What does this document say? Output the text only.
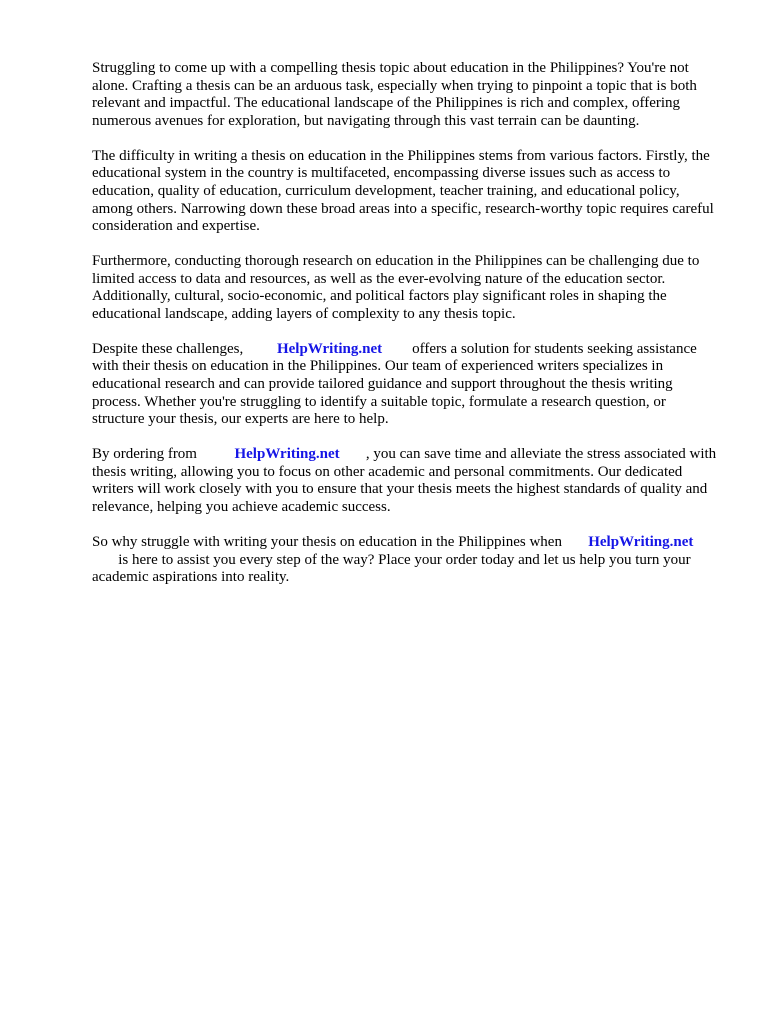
Struggling to come up with a compelling thesis topic about education in the Philippines? You're not alone. Crafting a thesis can be an arduous task, especially when trying to pinpoint a topic that is both relevant and impactful. The educational landscape of the Philippines is rich and complex, offering numerous avenues for exploration, but navigating through this vast terrain can be daunting.

The difficulty in writing a thesis on education in the Philippines stems from various factors. Firstly, the educational system in the country is multifaceted, encompassing diverse issues such as access to education, quality of education, curriculum development, teacher training, and educational policy, among others. Narrowing down these broad areas into a specific, research-worthy topic requires careful consideration and expertise.

Furthermore, conducting thorough research on education in the Philippines can be challenging due to limited access to data and resources, as well as the ever-evolving nature of the education sector. Additionally, cultural, socio-economic, and political factors play significant roles in shaping the educational landscape, adding layers of complexity to any thesis topic.

Despite these challenges, HelpWriting.net offers a solution for students seeking assistance with their thesis on education in the Philippines. Our team of experienced writers specializes in educational research and can provide tailored guidance and support throughout the thesis writing process. Whether you're struggling to identify a suitable topic, formulate a research question, or structure your thesis, our experts are here to help.

By ordering from	HelpWriting.net , you can save time and alleviate the stress associated with thesis writing, allowing you to focus on other academic and personal commitments. Our dedicated writers will work closely with you to ensure that your thesis meets the highest standards of quality and relevance, helping you achieve academic success.

So why struggle with writing your thesis on education in the Philippines when HelpWriting.net
is here to assist you every step of the way? Place your order today and let us help you turn your academic aspirations into reality.
